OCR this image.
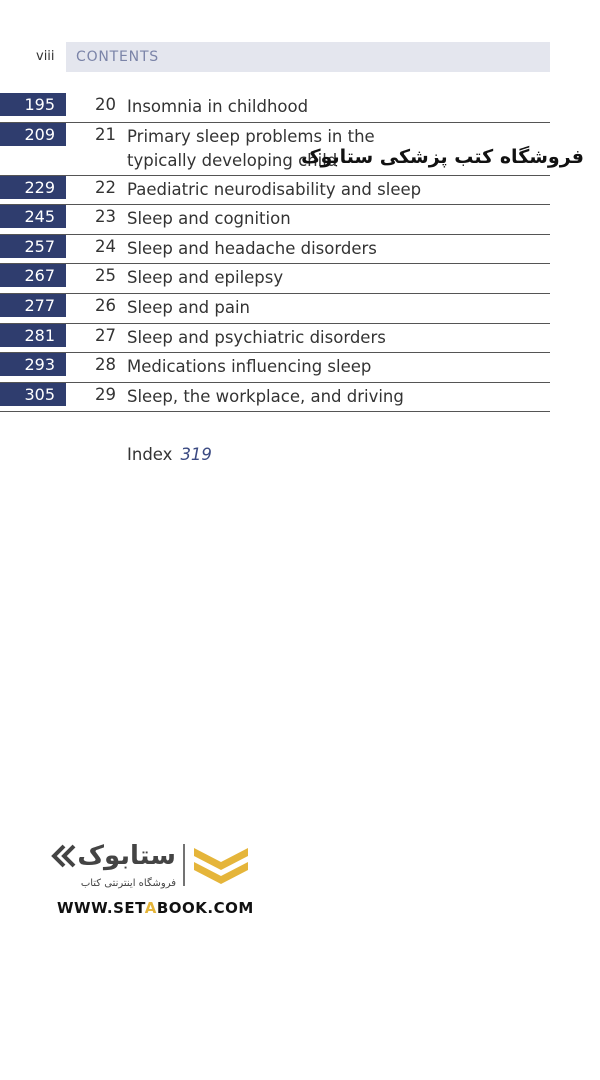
viii CONTENTS
195	20 Insomnia in childhood
209	21 Primary sleep problems in the typically developing child
229	22 Paediatric neurodisability and sleep
245	23 Sleep and cognition
257	24 Sleep and headache disorders
267	25 Sleep and epilepsy
277	26 Sleep and pain
281	27 Sleep and psychiatric disorders
293	28 Medications influencing sleep
305	29 Sleep, the workplace, and driving
Index 319
فروشگاه کتب پزشکی ستابوک
ستابوک
فروشگاه اینترنتی کتاب
WWW.SETABOOK.COM
